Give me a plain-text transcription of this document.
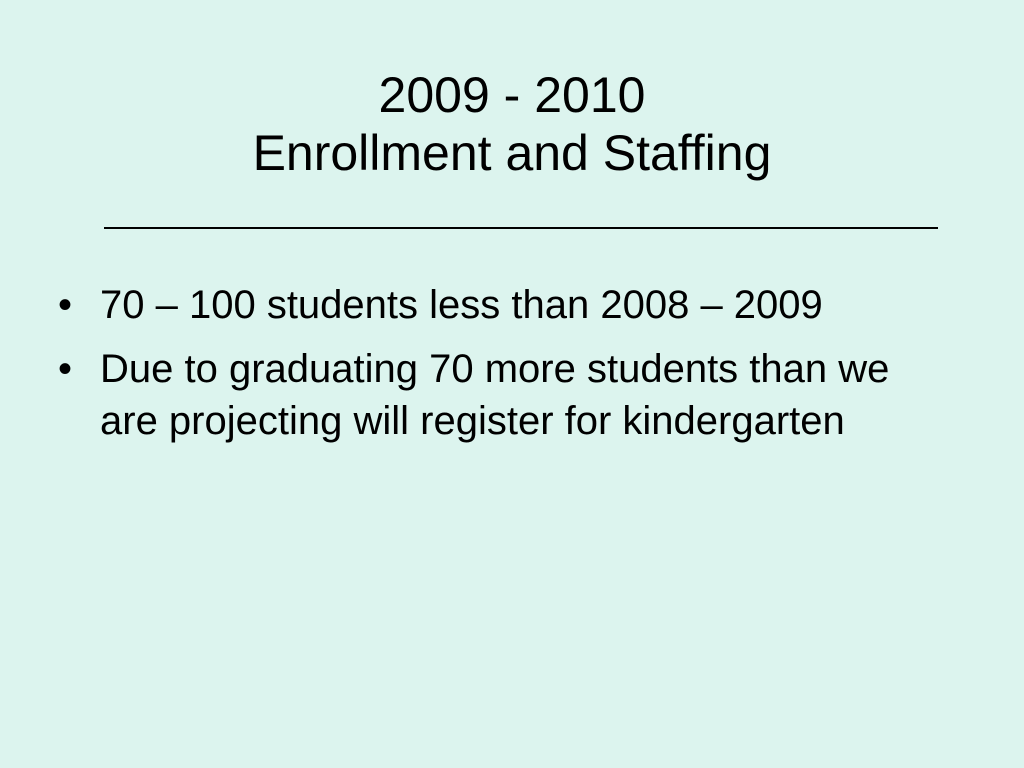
2009 - 2010
Enrollment and Staffing
• 70 – 100 students less than 2008 – 2009
• Due to graduating 70 more students than we are projecting will register for kindergarten
